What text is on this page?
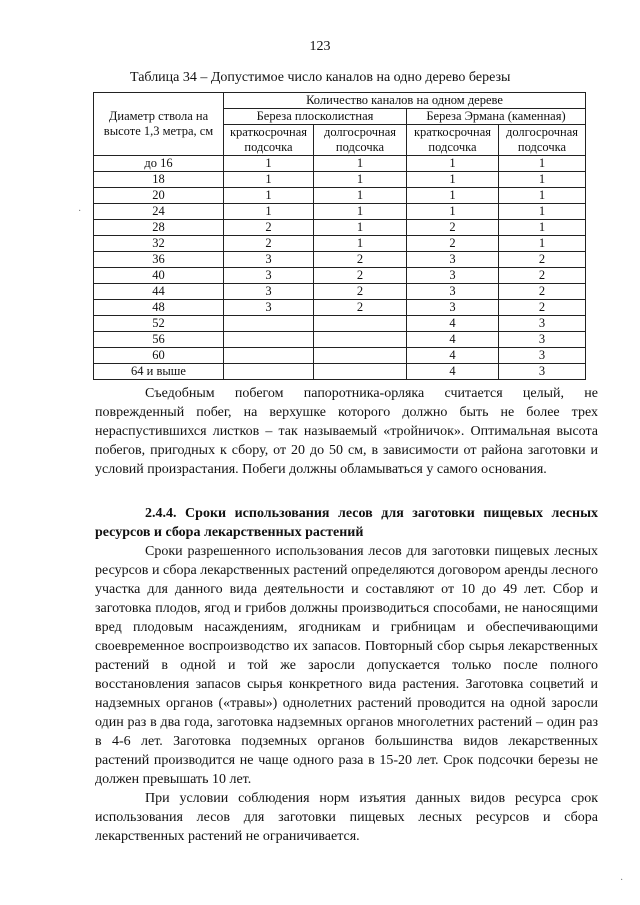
123
Таблица 34 – Допустимое число каналов на одно дерево березы
Диаметр ствола на высоте 1,3 метра, см	Количество каналов на одном дереве			
	Береза плосколистная		Береза Эрмана (каменная)	
	краткосрочная подсочка	долгосрочная подсочка	краткосрочная подсочка	долгосрочная подсочка
до 16	1	1	1	1
18	1	1	1	1
20	1	1	1	1
24	1	1	1	1
28	2	1	2	1
32	2	1	2	1
36	3	2	3	2
40	3	2	3	2
44	3	2	3	2
48	3	2	3	2
52			4	3
56			4	3
60			4	3
64 и выше			4	3

Съедобным побегом папоротника-орляка считается целый, не поврежденный побег, на верхушке которого должно быть не более трех нераспустившихся листков – так называемый «тройничок». Оптимальная высота побегов, пригодных к сбору, от 20 до 50 см, в зависимости от района заготовки и условий произрастания. Побеги должны обламываться у самого основания.

2.4.4. Сроки использования лесов для заготовки пищевых лесных ресурсов и сбора лекарственных растений

Сроки разрешенного использования лесов для заготовки пищевых лесных ресурсов и сбора лекарственных растений определяются договором аренды лесного участка для данного вида деятельности и составляют от 10 до 49 лет. Сбор и заготовка плодов, ягод и грибов должны производиться способами, не наносящими вред плодовым насаждениям, ягодникам и грибницам и обеспечивающими своевременное воспроизводство их запасов. Повторный сбор сырья лекарственных растений в одной и той же заросли допускается только после полного восстановления запасов сырья конкретного вида растения. Заготовка соцветий и надземных органов («травы») однолетних растений проводится на одной заросли один раз в два года, заготовка надземных органов многолетних растений – один раз в 4-6 лет. Заготовка подземных органов большинства видов лекарственных растений производится не чаще одного раза в 15-20 лет. Срок подсочки березы не должен превышать 10 лет.

При условии соблюдения норм изъятия данных видов ресурса срок использования лесов для заготовки пищевых лесных ресурсов и сбора лекарственных растений не ограничивается.

·
·
